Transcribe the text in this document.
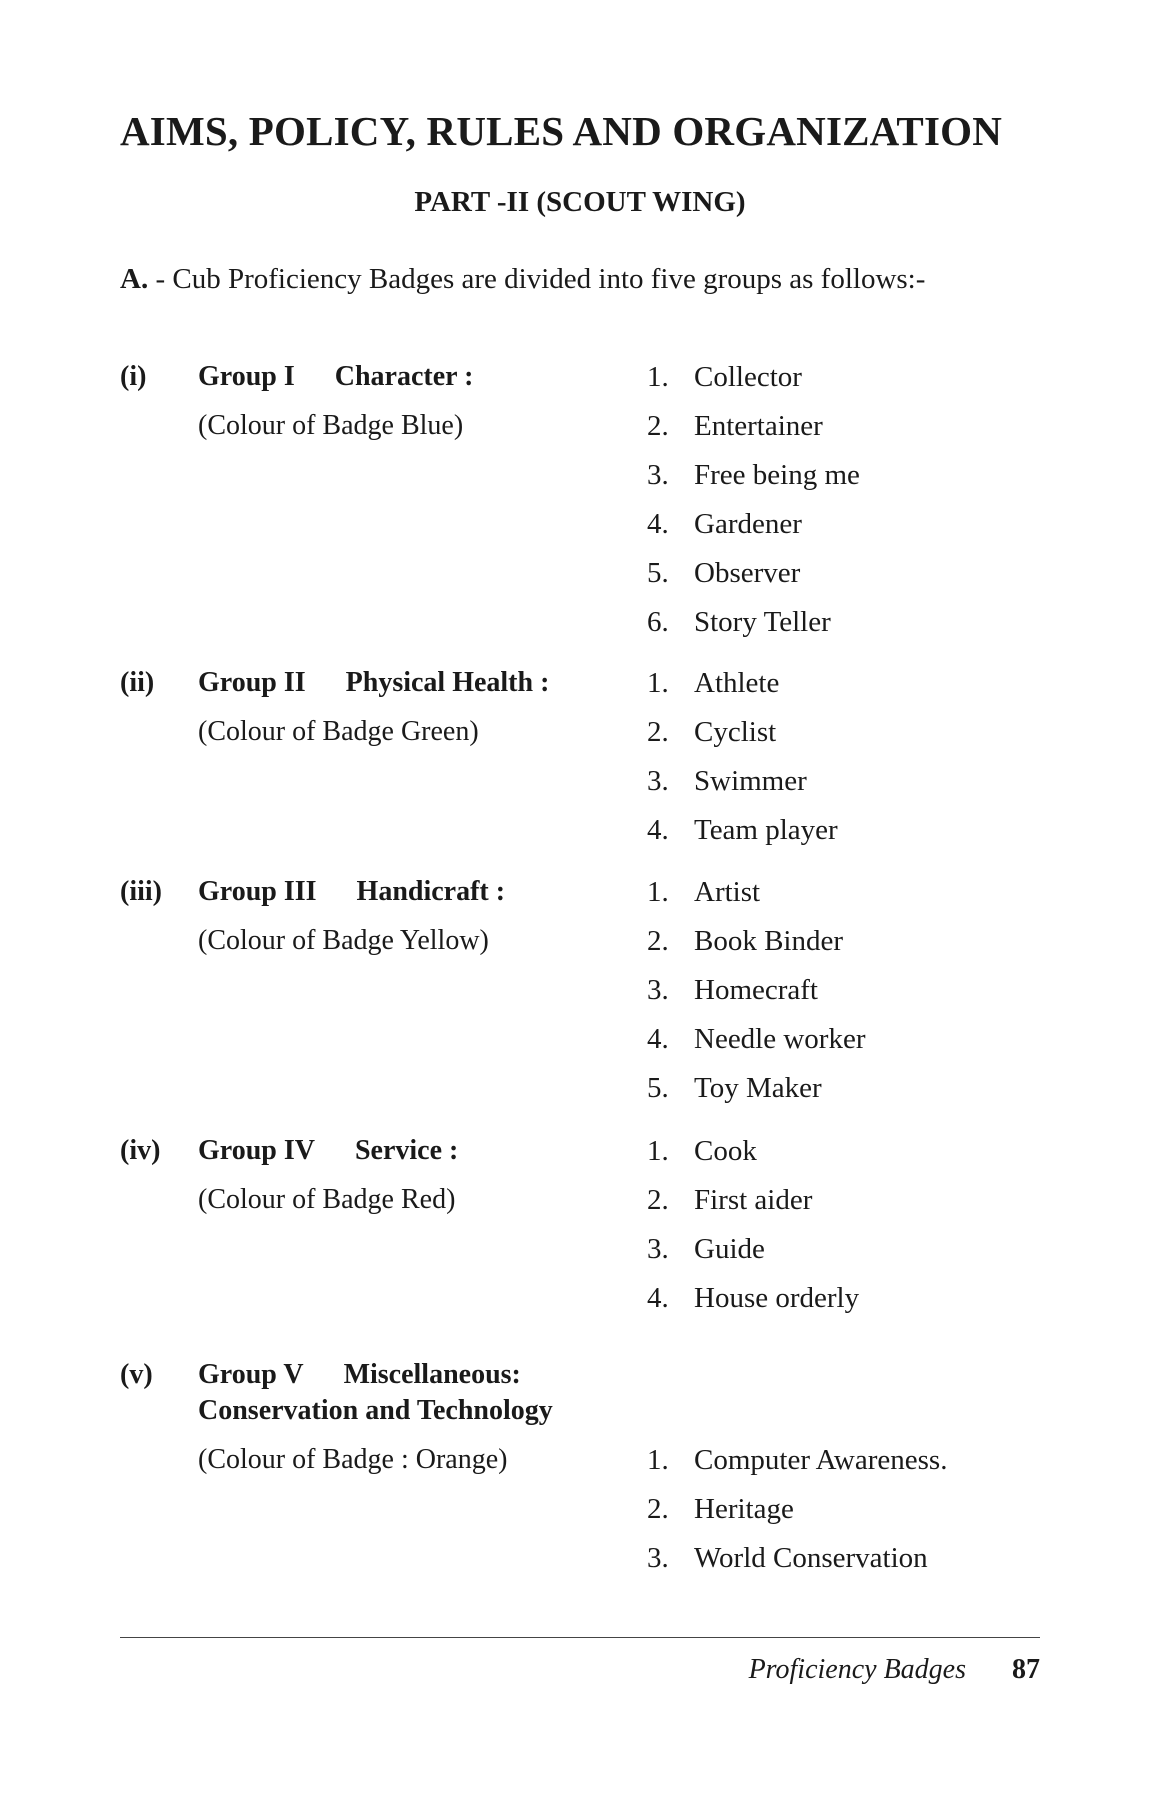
AIMS, POLICY, RULES AND ORGANIZATION
PART -II (SCOUT WING)
A. - Cub Proficiency Badges are divided into five groups as follows:-
(i) Group I Character :
(Colour of Badge Blue)
1. Collector
2. Entertainer
3. Free being me
4. Gardener
5. Observer
6. Story Teller
(ii) Group II Physical Health :
(Colour of Badge Green)
1. Athlete
2. Cyclist
3. Swimmer
4. Team player
(iii) Group III Handicraft :
(Colour of Badge Yellow)
1. Artist
2. Book Binder
3. Homecraft
4. Needle worker
5. Toy Maker
(iv) Group IV Service :
(Colour of Badge Red)
1. Cook
2. First aider
3. Guide
4. House orderly
(v) Group V Miscellaneous:
Conservation and Technology
(Colour of Badge : Orange)	1. Computer Awareness.
2. Heritage
3. World Conservation
Proficiency Badges 87
